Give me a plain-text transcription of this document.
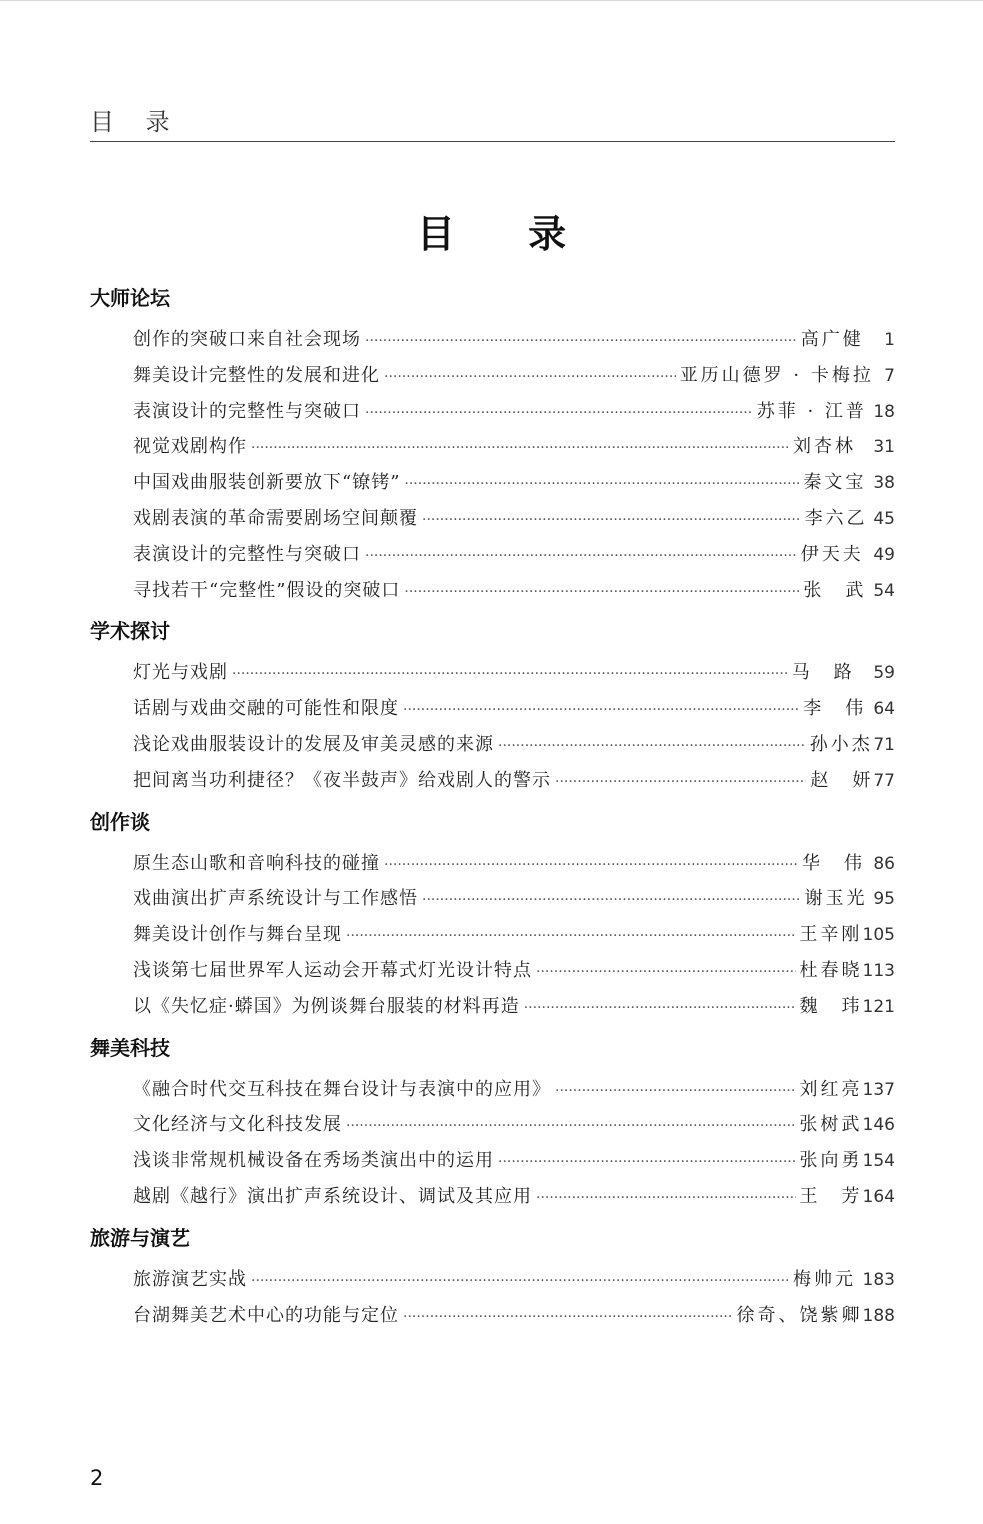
目 录
目 录
大师论坛
创作的突破口来自社会现场 ·····	高广健	1
舞美设计完整性的发展和进化 ·····	亚历山德罗 · 卡梅拉 7
表演设计的完整性与突破口 ·····	苏菲 · 江普 18
视觉戏剧构作 ·····	刘杏林	31
中国戏曲服装创新要放下“镣铐” ·····	秦文宝 38
戏剧表演的革命需要剧场空间颠覆 ·····	李六乙 45
表演设计的完整性与突破口 ·····	伊天夫 49
寻找若干“完整性”假设的突破口 ·····	张　武 54
学术探讨
灯光与戏剧 ·····	马　路	59
话剧与戏曲交融的可能性和限度 ·····	李　伟 64
浅论戏曲服装设计的发展及审美灵感的来源 ·····	孙小杰 71
把间离当功利捷径？《夜半鼓声》给戏剧人的警示 ·····	赵　妍 77
创作谈
原生态山歌和音响科技的碰撞 ·····	华　伟 86
戏曲演出扩声系统设计与工作感悟 ·····	谢玉光 95
舞美设计创作与舞台呈现 ·····	王辛刚 105
浅谈第七届世界军人运动会开幕式灯光设计特点 ·····	杜春晓 113
以《失忆症·蟒国》为例谈舞台服装的材料再造 ·····	魏　玮 121
舞美科技
《融合时代交互科技在舞台设计与表演中的应用》 ·····	刘红亮 137
文化经济与文化科技发展 ·····	张树武 146
浅谈非常规机械设备在秀场类演出中的运用 ·····	张向勇 154
越剧《越行》演出扩声系统设计、调试及其应用 ·····	王　芳 164
旅游与演艺
旅游演艺实战 ·····	梅帅元 183
台湖舞美艺术中心的功能与定位 ·····	徐奇、饶紫卿 188
2
